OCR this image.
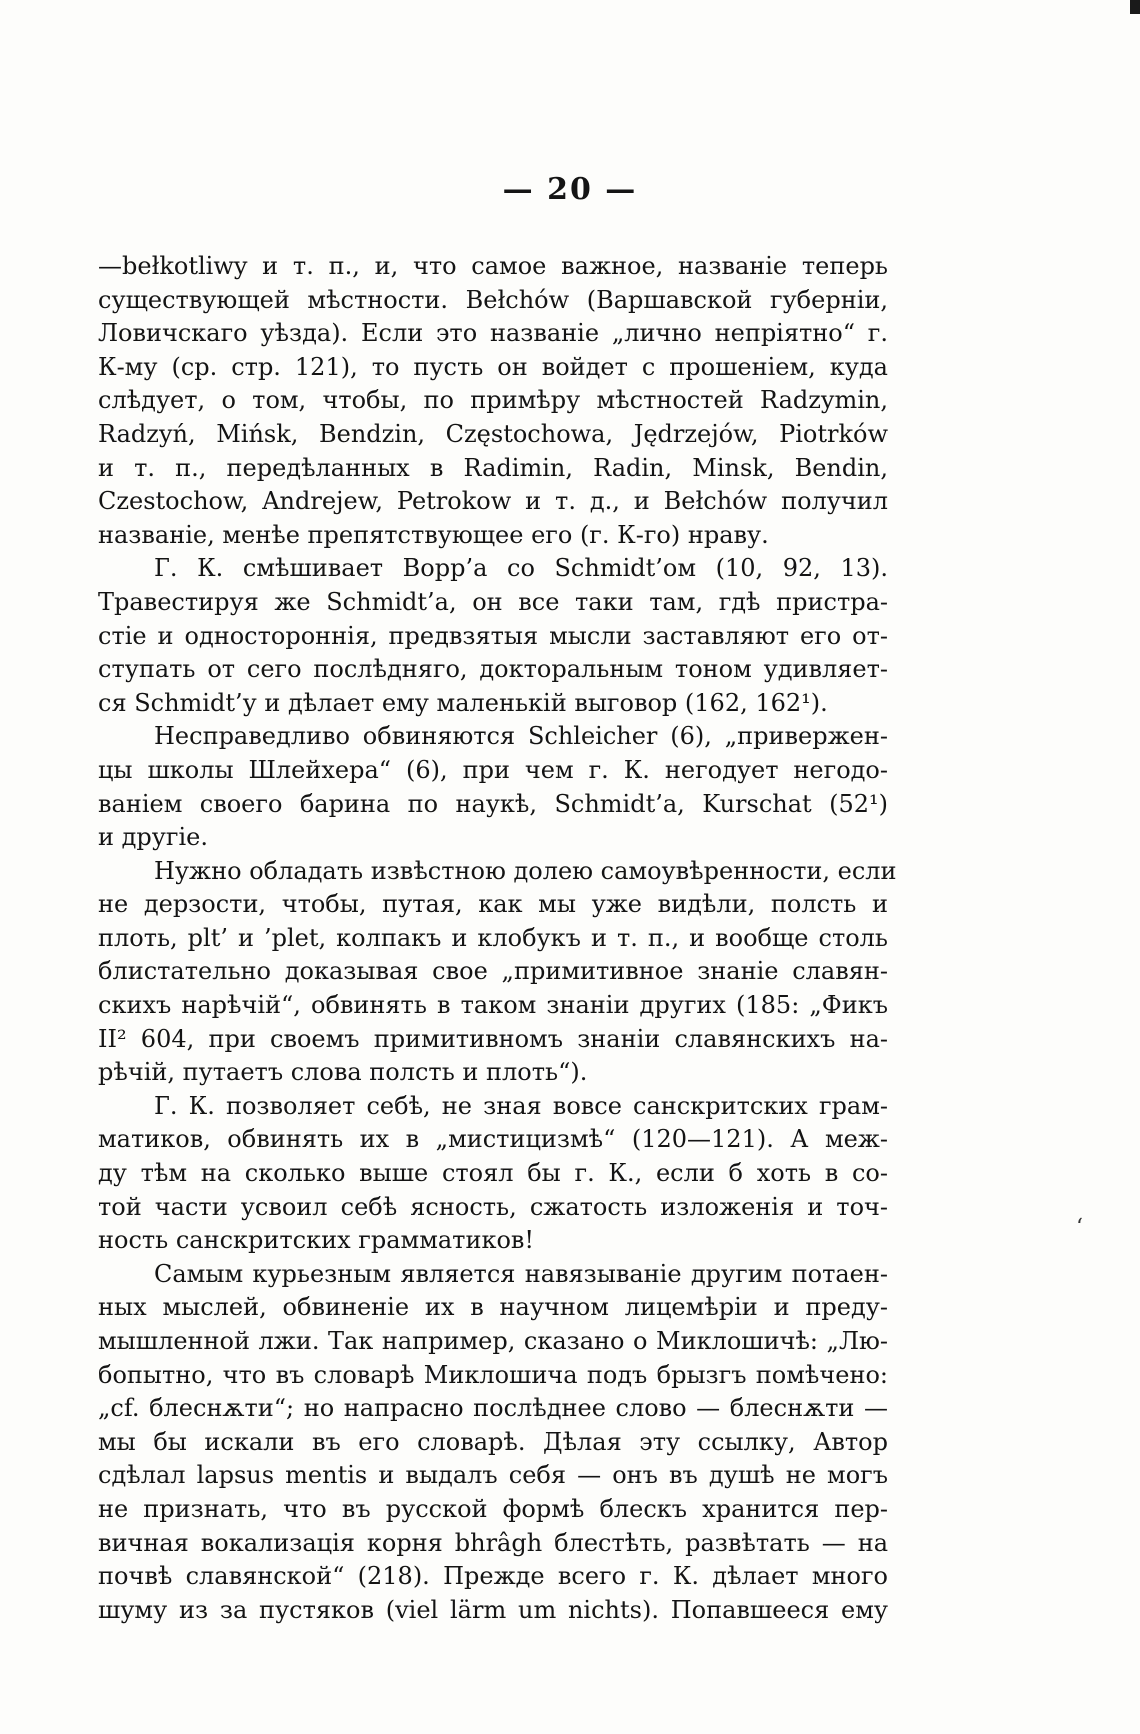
— 20 —
—bełkotliwy и т. п., и, что самое важное, названіе теперь
существующей мѣстности. Bełchów (Варшавской губерніи,
Ловичскаго уѣзда). Если это названіе „лично непріятно“ г.
К-му (ср. стр. 121), то пусть он войдет с прошеніем, куда
слѣдует, о том, чтобы, по примѣру мѣстностей Radzymin,
Radzyń, Mińsk, Bendzin, Częstochowa, Jędrzejów, Piotrków
и т. п., передѣланных в Radimin, Radin, Minsk, Bendin,
Czestochow, Andrejew, Petrokow и т. д., и Bełchów получил
названіе, менѣе препятствующее его (г. К-го) нраву.
Г. К. смѣшивает Bopp’a со Schmidt’ом (10, 92, 13).
Травестируя же Schmidt’a, он все таки там, гдѣ пристра-
стіе и одностороннія, предвзятыя мысли заставляют его от-
ступать от сего послѣдняго, докторальным тоном удивляет-
ся Schmidt’у и дѣлает ему маленькій выговор (162, 162¹).
Несправедливо обвиняются Schleicher (6), „привержен-
цы школы Шлейхера“ (6), при чем г. К. негодует негодо-
ваніем своего барина по наукѣ, Schmidt’a, Kurschat (52¹)
и другіе.
Нужно обладать извѣстною долею самоувѣренности, если
не дерзости, чтобы, путая, как мы уже видѣли, полсть и
плоть, plt’ и ’plet, колпакъ и клобукъ и т. п., и вообще столь
блистательно доказывая свое „примитивное знаніе славян-
скихъ нарѣчій“, обвинять в таком знаніи других (185: „Фикъ
II² 604, при своемъ примитивномъ знаніи славянскихъ на-
рѣчій, путаетъ слова полсть и плоть“).
Г. К. позволяет себѣ, не зная вовсе санскритских грам-
матиков, обвинять их в „мистицизмѣ“ (120—121). А меж-
ду тѣм на сколько выше стоял бы г. К., если б хоть в со-
той части усвоил себѣ ясность, сжатость изложенія и точ-
ность санскритских грамматиков!
Самым курьезным является навязываніе другим потаен-
ных мыслей, обвиненіе их в научном лицемѣріи и преду-
мышленной лжи. Так например, сказано о Миклошичѣ: „Лю-
бопытно, что въ словарѣ Миклошича подъ брызгъ помѣчено:
„cf. блеснѫти“; но напрасно послѣднее слово — блеснѫти —
мы бы искали въ его словарѣ. Дѣлая эту ссылку, Автор
сдѣлал lapsus mentis и выдалъ себя — онъ въ душѣ не могъ
не признать, что въ русской формѣ блескъ хранится пер-
вичная вокализація корня bhrâgh блестѣть, развѣтать — на
почвѣ славянской“ (218). Прежде всего г. К. дѣлает много
шуму из за пустяков (viel lärm um nichts). Попавшееся ему
‘
